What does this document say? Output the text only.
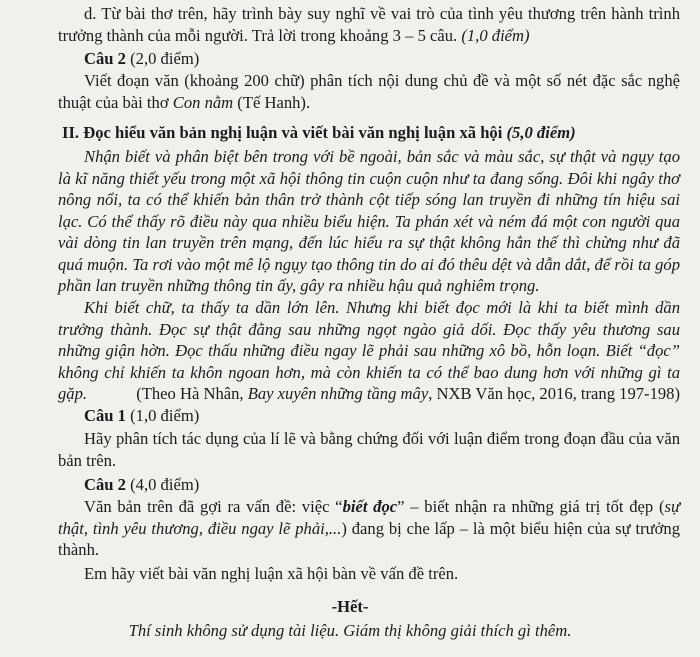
d. Từ bài thơ trên, hãy trình bày suy nghĩ về vai trò của tình yêu thương trên hành trình trưởng thành của mỗi người. Trả lời trong khoảng 3 – 5 câu. (1,0 điểm)

Câu 2 (2,0 điểm)

Viết đoạn văn (khoảng 200 chữ) phân tích nội dung chủ đề và một số nét đặc sắc nghệ thuật của bài thơ Con nằm (Tế Hanh).

II. Đọc hiểu văn bản nghị luận và viết bài văn nghị luận xã hội (5,0 điểm)

Nhận biết và phân biệt bên trong với bề ngoài, bản sắc và màu sắc, sự thật và ngụy tạo là kĩ năng thiết yếu trong một xã hội thông tin cuộn cuộn như ta đang sống. Đôi khi ngây thơ nông nổi, ta có thể khiến bản thân trở thành cột tiếp sóng lan truyền đi những tín hiệu sai lạc. Có thể thấy rõ điều này qua nhiều biểu hiện. Ta phán xét và ném đá một con người qua vài dòng tin lan truyền trên mạng, đến lúc hiểu ra sự thật không hẳn thế thì chừng như đã quá muộn. Ta rơi vào một mê lộ ngụy tạo thông tin do ai đó thêu dệt và dẫn dắt, để rồi ta góp phần lan truyền những thông tin ấy, gây ra nhiều hậu quả nghiêm trọng.

Khi biết chữ, ta thấy ta dần lớn lên. Nhưng khi biết đọc mới là khi ta biết mình dần trưởng thành. Đọc sự thật đằng sau những ngọt ngào giả dối. Đọc thấy yêu thương sau những giận hờn. Đọc thấu những điều ngay lẽ phải sau những xô bồ, hỗn loạn. Biết “đọc” không chỉ khiến ta khôn ngoan hơn, mà còn khiến ta có thể bao dung hơn với những gì ta gặp.	(Theo Hà Nhân, Bay xuyên những tầng mây, NXB Văn học, 2016, trang 197-198)

Câu 1 (1,0 điểm)

Hãy phân tích tác dụng của lí lẽ và bằng chứng đối với luận điểm trong đoạn đầu của văn bản trên.

Câu 2 (4,0 điểm)

Văn bản trên đã gợi ra vấn đề: việc “biết đọc” – biết nhận ra những giá trị tốt đẹp (sự thật, tình yêu thương, điều ngay lẽ phải,...) đang bị che lấp – là một biểu hiện của sự trưởng thành.

Em hãy viết bài văn nghị luận xã hội bàn về vấn đề trên.

-Hết-

Thí sinh không sử dụng tài liệu. Giám thị không giải thích gì thêm.
